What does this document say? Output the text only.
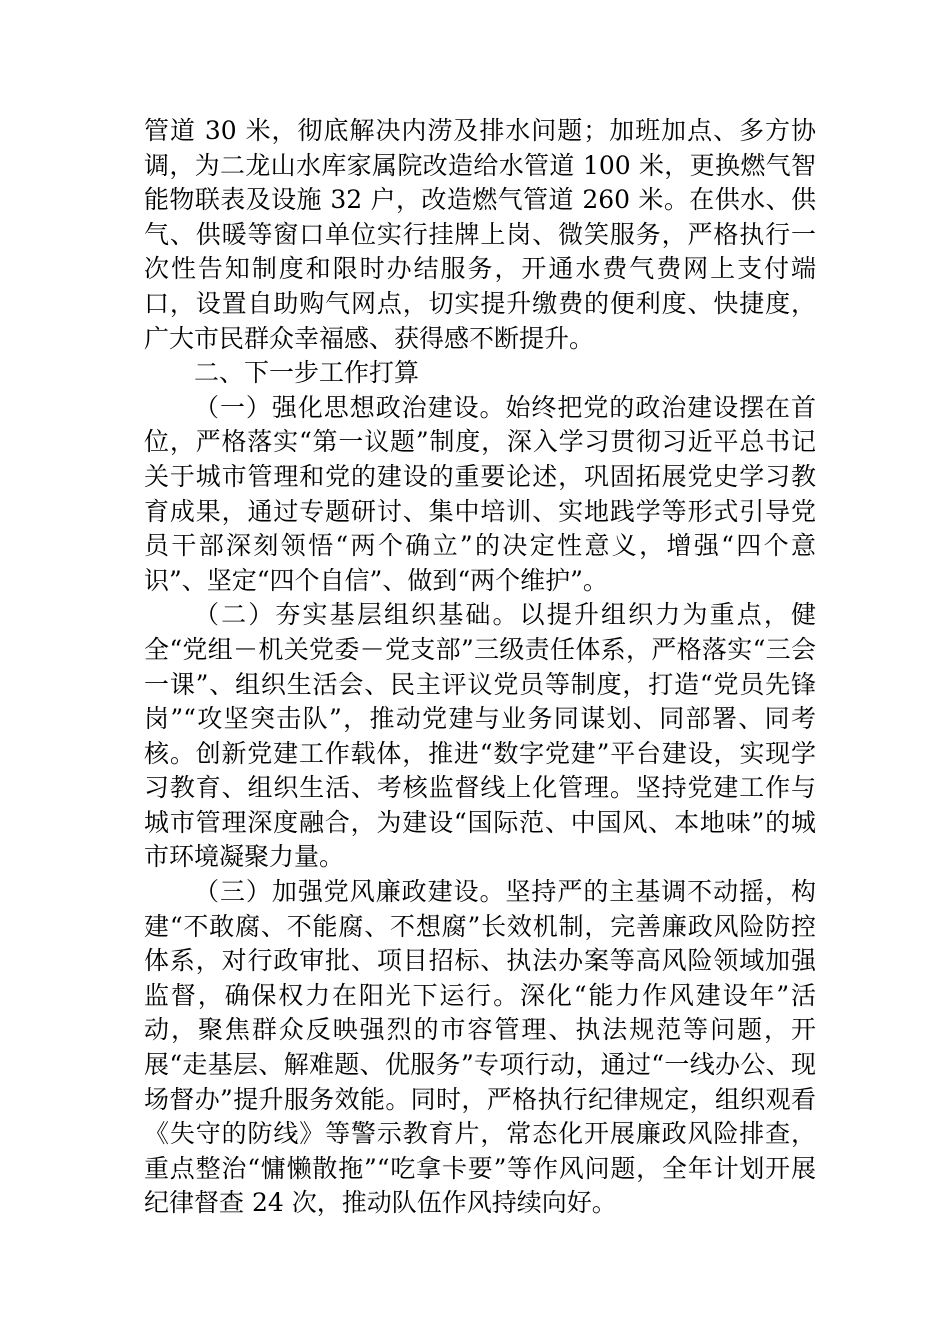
管道 30 米，彻底解决内涝及排水问题；加班加点、多方协调，为二龙山水库家属院改造给水管道 100 米，更换燃气智能物联表及设施 32 户，改造燃气管道 260 米。在供水、供气、供暖等窗口单位实行挂牌上岗、微笑服务，严格执行一次性告知制度和限时办结服务，开通水费气费网上支付端口，设置自助购气网点，切实提升缴费的便利度、快捷度，广大市民群众幸福感、获得感不断提升。

二、下一步工作打算

（一）强化思想政治建设。始终把党的政治建设摆在首位，严格落实“第一议题”制度，深入学习贯彻习近平总书记关于城市管理和党的建设的重要论述，巩固拓展党史学习教育成果，通过专题研讨、集中培训、实地践学等形式引导党员干部深刻领悟“两个确立”的决定性意义，增强“四个意识”、坚定“四个自信”、做到“两个维护”。

（二）夯实基层组织基础。以提升组织力为重点，健全“党组－机关党委－党支部”三级责任体系，严格落实“三会一课”、组织生活会、民主评议党员等制度，打造“党员先锋岗”“攻坚突击队”，推动党建与业务同谋划、同部署、同考核。创新党建工作载体，推进“数字党建”平台建设，实现学习教育、组织生活、考核监督线上化管理。坚持党建工作与城市管理深度融合，为建设“国际范、中国风、本地味”的城市环境凝聚力量。

（三）加强党风廉政建设。坚持严的主基调不动摇，构建“不敢腐、不能腐、不想腐”长效机制，完善廉政风险防控体系，对行政审批、项目招标、执法办案等高风险领域加强监督，确保权力在阳光下运行。深化“能力作风建设年”活动，聚焦群众反映强烈的市容管理、执法规范等问题，开展“走基层、解难题、优服务”专项行动，通过“一线办公、现场督办”提升服务效能。同时，严格执行纪律规定，组织观看《失守的防线》等警示教育片，常态化开展廉政风险排查，重点整治“慵懒散拖”“吃拿卡要”等作风问题，全年计划开展纪律督查 24 次，推动队伍作风持续向好。
